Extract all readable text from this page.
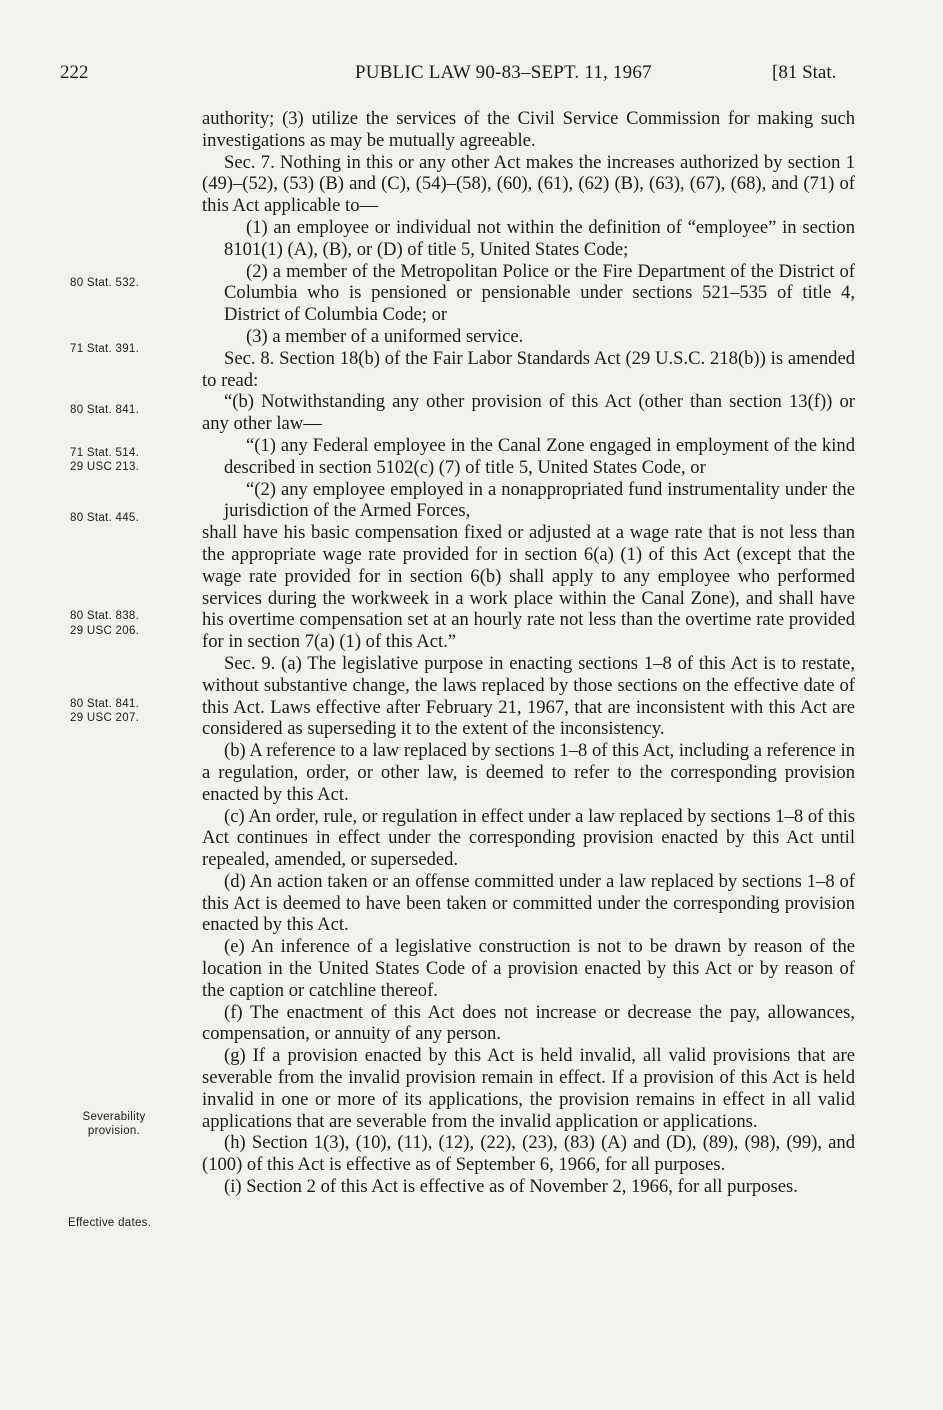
222	PUBLIC LAW 90-83–SEPT. 11, 1967	[81 Stat.
80 Stat. 532.
71 Stat. 391.
80 Stat. 841.
71 Stat. 514.
29 USC 213.
80 Stat. 445.
80 Stat. 838.
29 USC 206.
80 Stat. 841.
29 USC 207.
Severability
provision.
Effective dates.

authority; (3) utilize the services of the Civil Service Commission for making such investigations as may be mutually agreeable.

Sec. 7. Nothing in this or any other Act makes the increases authorized by section 1 (49)–(52), (53) (B) and (C), (54)–(58), (60), (61), (62) (B), (63), (67), (68), and (71) of this Act applicable to—

(1) an employee or individual not within the definition of “employee” in section 8101(1) (A), (B), or (D) of title 5, United States Code;

(2) a member of the Metropolitan Police or the Fire Department of the District of Columbia who is pensioned or pensionable under sections 521–535 of title 4, District of Columbia Code; or

(3) a member of a uniformed service.

Sec. 8. Section 18(b) of the Fair Labor Standards Act (29 U.S.C. 218(b)) is amended to read:

“(b) Notwithstanding any other provision of this Act (other than section 13(f)) or any other law—

“(1) any Federal employee in the Canal Zone engaged in employment of the kind described in section 5102(c) (7) of title 5, United States Code, or

“(2) any employee employed in a nonappropriated fund instrumentality under the jurisdiction of the Armed Forces,

shall have his basic compensation fixed or adjusted at a wage rate that is not less than the appropriate wage rate provided for in section 6(a) (1) of this Act (except that the wage rate provided for in section 6(b) shall apply to any employee who performed services during the workweek in a work place within the Canal Zone), and shall have his overtime compensation set at an hourly rate not less than the overtime rate provided for in section 7(a) (1) of this Act.”

Sec. 9. (a) The legislative purpose in enacting sections 1–8 of this Act is to restate, without substantive change, the laws replaced by those sections on the effective date of this Act. Laws effective after February 21, 1967, that are inconsistent with this Act are considered as superseding it to the extent of the inconsistency.

(b) A reference to a law replaced by sections 1–8 of this Act, including a reference in a regulation, order, or other law, is deemed to refer to the corresponding provision enacted by this Act.

(c) An order, rule, or regulation in effect under a law replaced by sections 1–8 of this Act continues in effect under the corresponding provision enacted by this Act until repealed, amended, or superseded.

(d) An action taken or an offense committed under a law replaced by sections 1–8 of this Act is deemed to have been taken or committed under the corresponding provision enacted by this Act.

(e) An inference of a legislative construction is not to be drawn by reason of the location in the United States Code of a provision enacted by this Act or by reason of the caption or catchline thereof.

(f) The enactment of this Act does not increase or decrease the pay, allowances, compensation, or annuity of any person.

(g) If a provision enacted by this Act is held invalid, all valid provisions that are severable from the invalid provision remain in effect. If a provision of this Act is held invalid in one or more of its applications, the provision remains in effect in all valid applications that are severable from the invalid application or applications.

(h) Section 1(3), (10), (11), (12), (22), (23), (83) (A) and (D), (89), (98), (99), and (100) of this Act is effective as of September 6, 1966, for all purposes.

(i) Section 2 of this Act is effective as of November 2, 1966, for all purposes.
